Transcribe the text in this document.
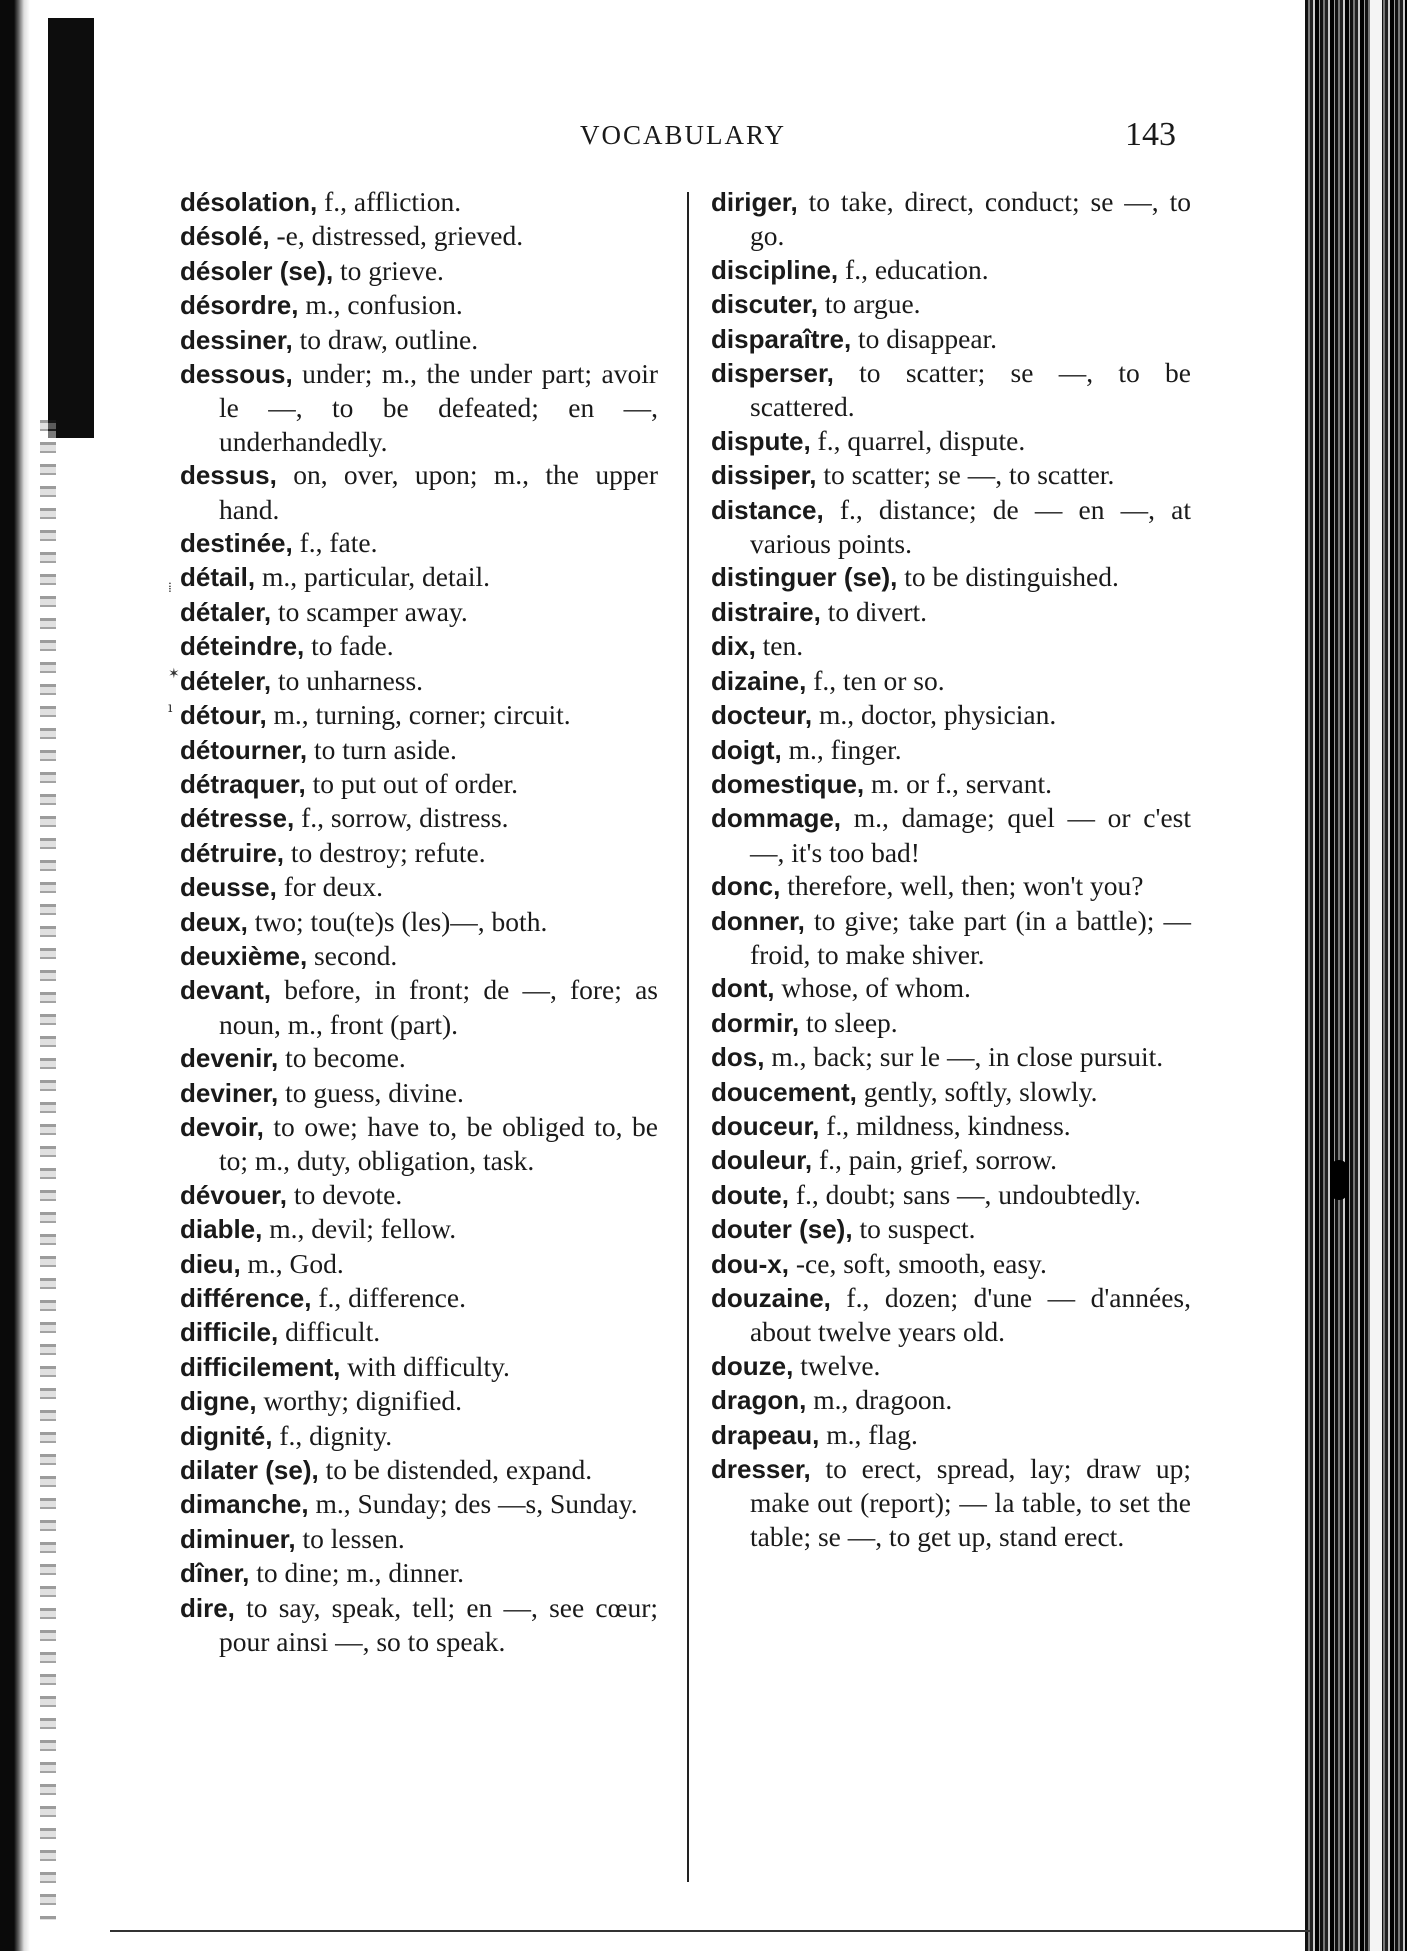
VOCABULARY	143

désolation, f., affliction.

désolé, -e, distressed, grieved.

désoler (se), to grieve.

désordre, m., confusion.

dessiner, to draw, outline.

dessous, under; m., the under part; avoir le —, to be defeated; en —, underhandedly.

dessus, on, over, upon; m., the upper hand.

destinée, f., fate.

détail, m., particular, detail.

détaler, to scamper away.

déteindre, to fade.

dételer, to unharness.

détour, m., turning, corner; circuit.

détourner, to turn aside.

détraquer, to put out of order.

détresse, f., sorrow, distress.

détruire, to destroy; refute.

deusse, for deux.

deux, two; tou(te)s (les)—, both.

deuxième, second.

devant, before, in front; de —, fore; as noun, m., front (part).

devenir, to become.

deviner, to guess, divine.

devoir, to owe; have to, be obliged to, be to; m., duty, obligation, task.

dévouer, to devote.

diable, m., devil; fellow.

dieu, m., God.

différence, f., difference.

difficile, difficult.

difficilement, with difficulty.

digne, worthy; dignified.

dignité, f., dignity.

dilater (se), to be distended, expand.

dimanche, m., Sunday; des —s, Sunday.

diminuer, to lessen.

dîner, to dine; m., dinner.

dire, to say, speak, tell; en —, see cœur; pour ainsi —, so to speak.

diriger, to take, direct, conduct; se —, to go.

discipline, f., education.

discuter, to argue.

disparaître, to disappear.

disperser, to scatter; se —, to be scattered.

dispute, f., quarrel, dispute.

dissiper, to scatter; se —, to scatter.

distance, f., distance; de — en —, at various points.

distinguer (se), to be distinguished.

distraire, to divert.

dix, ten.

dizaine, f., ten or so.

docteur, m., doctor, physician.

doigt, m., finger.

domestique, m. or f., servant.

dommage, m., damage; quel — or c'est —, it's too bad!

donc, therefore, well, then; won't you?

donner, to give; take part (in a battle); — froid, to make shiver.

dont, whose, of whom.

dormir, to sleep.

dos, m., back; sur le —, in close pursuit.

doucement, gently, softly, slowly.

douceur, f., mildness, kindness.

douleur, f., pain, grief, sorrow.

doute, f., doubt; sans —, undoubtedly.

douter (se), to suspect.

dou-x, -ce, soft, smooth, easy.

douzaine, f., dozen; d'une — d'années, about twelve years old.

douze, twelve.

dragon, m., dragoon.

drapeau, m., flag.

dresser, to erect, spread, lay; draw up; make out (report); — la table, to set the table; se —, to get up, stand erect.

⁞
✶
ı
